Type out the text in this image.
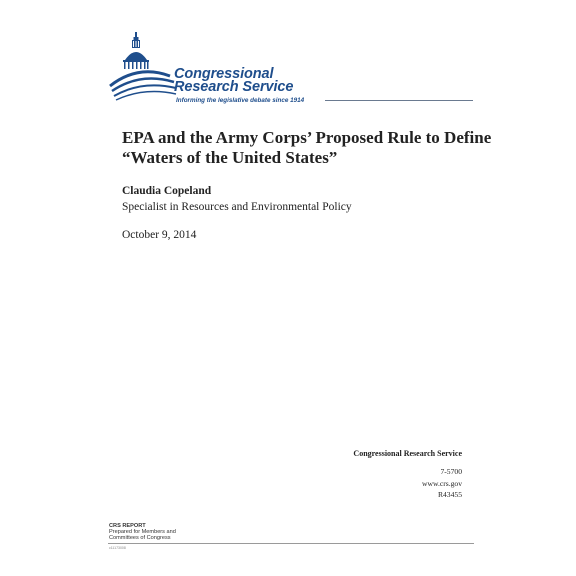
Congressional
Research Service
Informing the legislative debate since 1914
EPA and the Army Corps’ Proposed Rule to Define “Waters of the United States”
Claudia Copeland
Specialist in Resources and Environmental Policy
October 9, 2014
Congressional Research Service
7-5700
www.crs.gov
R43455
CRS REPORT
Prepared for Members and
Committees of Congress
c11173008
